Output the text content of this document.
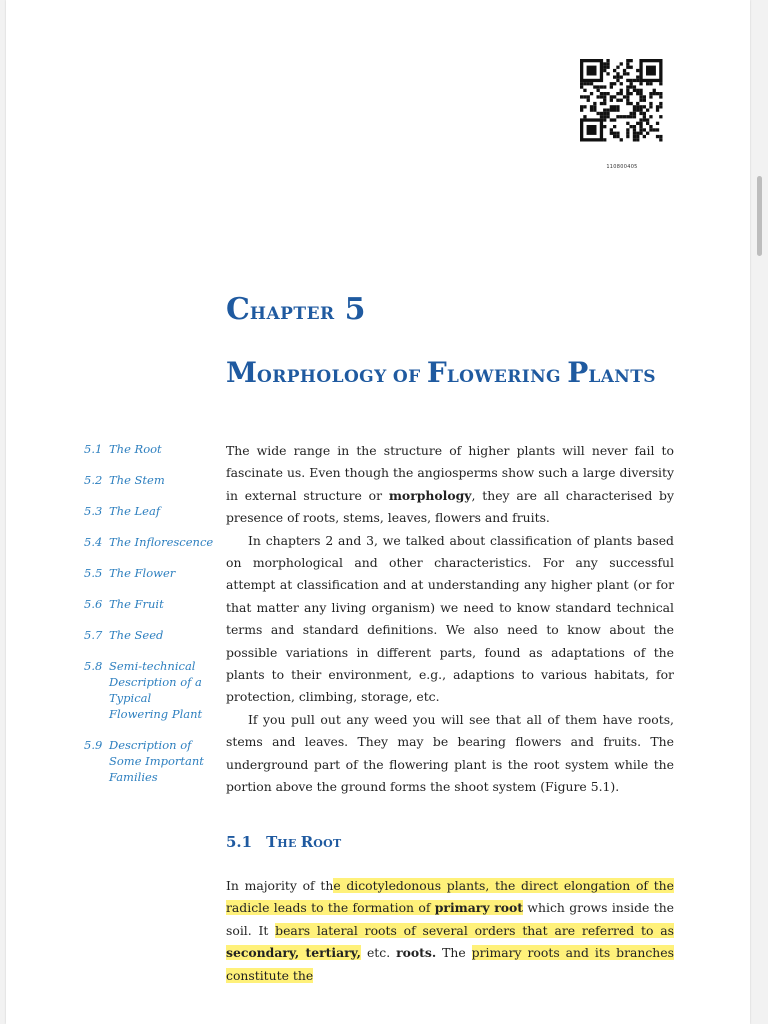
110800405
CHAPTER 5
MORPHOLOGY OF FLOWERING PLANTS
5.1 The Root
5.2 The Stem
5.3 The Leaf
5.4 The Inflorescence
5.5 The Flower
5.6 The Fruit
5.7 The Seed
5.8 Semi-technical
Description of a
Typical
Flowering Plant
5.9 Description of
Some Important
Families

The wide range in the structure of higher plants will never fail to fascinate us. Even though the angiosperms show such a large diversity in external structure or morphology, they are all characterised by presence of roots, stems, leaves, flowers and fruits.

In chapters 2 and 3, we talked about classification of plants based on morphological and other characteristics. For any successful attempt at classification and at understanding any higher plant (or for that matter any living organism) we need to know standard technical terms and standard definitions. We also need to know about the possible variations in different parts, found as adaptations of the plants to their environment, e.g., adaptions to various habitats, for protection, climbing, storage, etc.

If you pull out any weed you will see that all of them have roots, stems and leaves. They may be bearing flowers and fruits. The underground part of the flowering plant is the root system while the portion above the ground forms the shoot system (Figure 5.1).

5.1 THE ROOT

In majority of the dicotyledonous plants, the direct elongation of the radicle leads to the formation of primary root which grows inside the soil. It bears lateral roots of several orders that are referred to as secondary, tertiary, etc. roots. The primary roots and its branches constitute the
